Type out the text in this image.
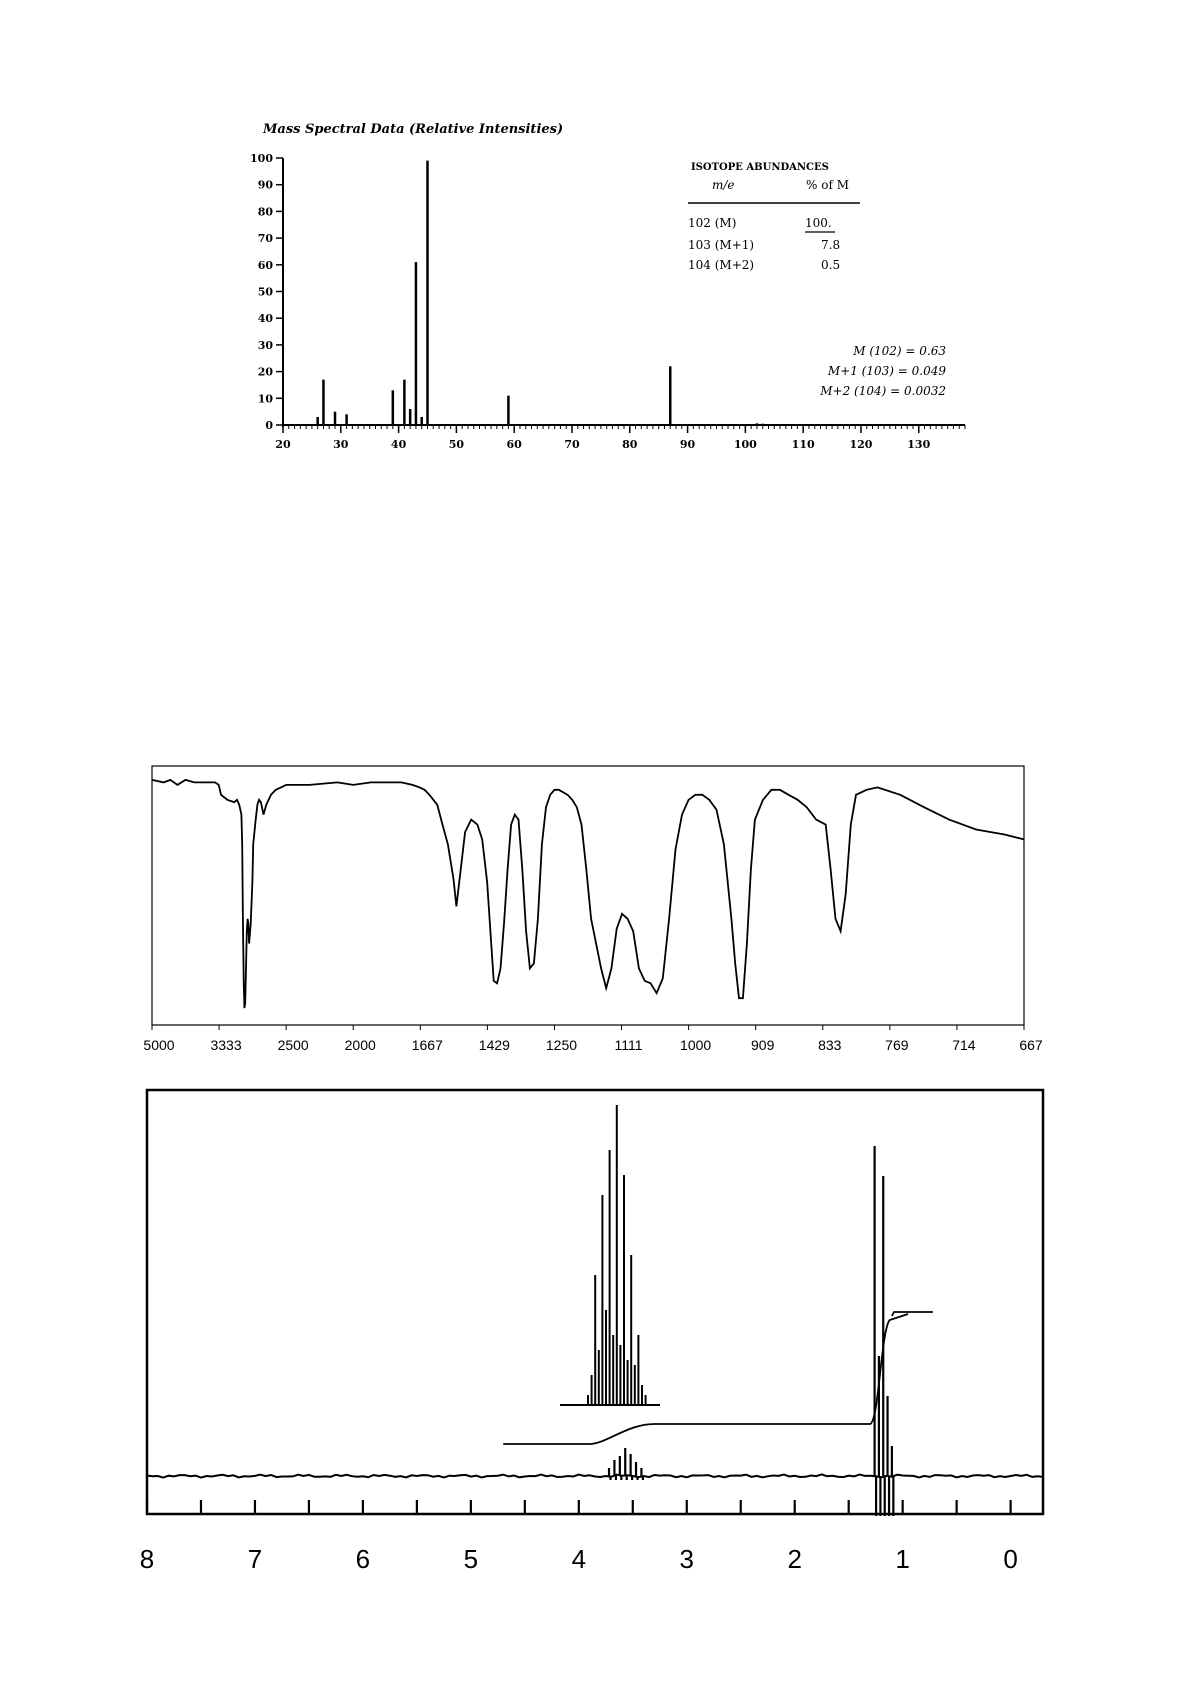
Mass Spectral Data (Relative Intensities)
0
10
20
30
40
50
60
70
80
90
100
20	30	40	50	60	70	80	90	100	110	120	130
ISOTOPE ABUNDANCES
m/e	% of M
102 (M)	100.
103 (M+1)	7.8
104 (M+2)	0.5
M (102) = 0.63
M+1 (103) = 0.049
M+2 (104) = 0.0032
5000	3333	2500	2000	1667	1429	1250	1111	1000	909	833	769	714	667
8	7	6	5	4	3	2	1	0
